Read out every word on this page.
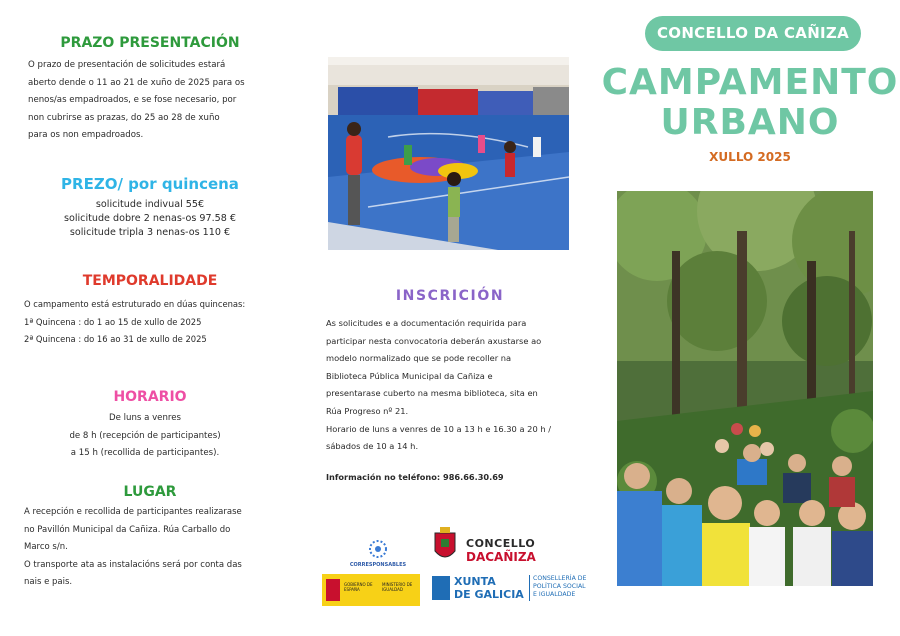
PRAZO PRESENTACIÓN
O prazo de presentación de solicitudes estará
aberto dende o 11 ao 21 de xuño de 2025 para os
nenos/as empadroados, e se fose necesario, por
non cubrirse as prazas, do 25 ao 28 de xuño
para os non empadroados.
PREZO/ por quincena
solicitude indivual 55€
solicitude dobre 2 nenas-os 97.58 €
solicitude tripla 3 nenas-os 110 €
TEMPORALIDADE
O campamento está estruturado en dúas quincenas:
1ª Quincena : do 1 ao 15 de xullo de 2025
2ª Quincena : do 16 ao 31 de xullo de 2025
HORARIO
De luns a venres
de 8 h (recepción de participantes)
a 15 h (recollida de participantes).
LUGAR
A recepción e recollida de participantes realizarase
no Pavillón Municipal da Cañiza. Rúa Carballo do
Marco s/n.
O transporte ata as instalacións será por conta das
nais e pais.
INSCRICIÓN
As solicitudes e a documentación requirida para
participar nesta convocatoria deberán axustarse ao
modelo normalizado que se pode recoller na
Biblioteca Pública Municipal da Cañiza e
presentarase cuberto na mesma biblioteca, sita en
Rúa Progreso nº 21.
Horario de luns a venres de 10 a 13 h e 16.30 a 20 h /
sábados de 10 a 14 h.
Información no teléfono: 986.66.30.69
CORRESPONSABLES
GOBIERNO DE ESPAÑA
MINISTERIO DE IGUALDAD
CONCELLO
DACAÑIZA
XUNTA
DE GALICIA
CONSELLERÍA DE
POLÍTICA SOCIAL
E IGUALDADE
CONCELLO DA CAÑIZA
CAMPAMENTO
URBANO
XULLO 2025
